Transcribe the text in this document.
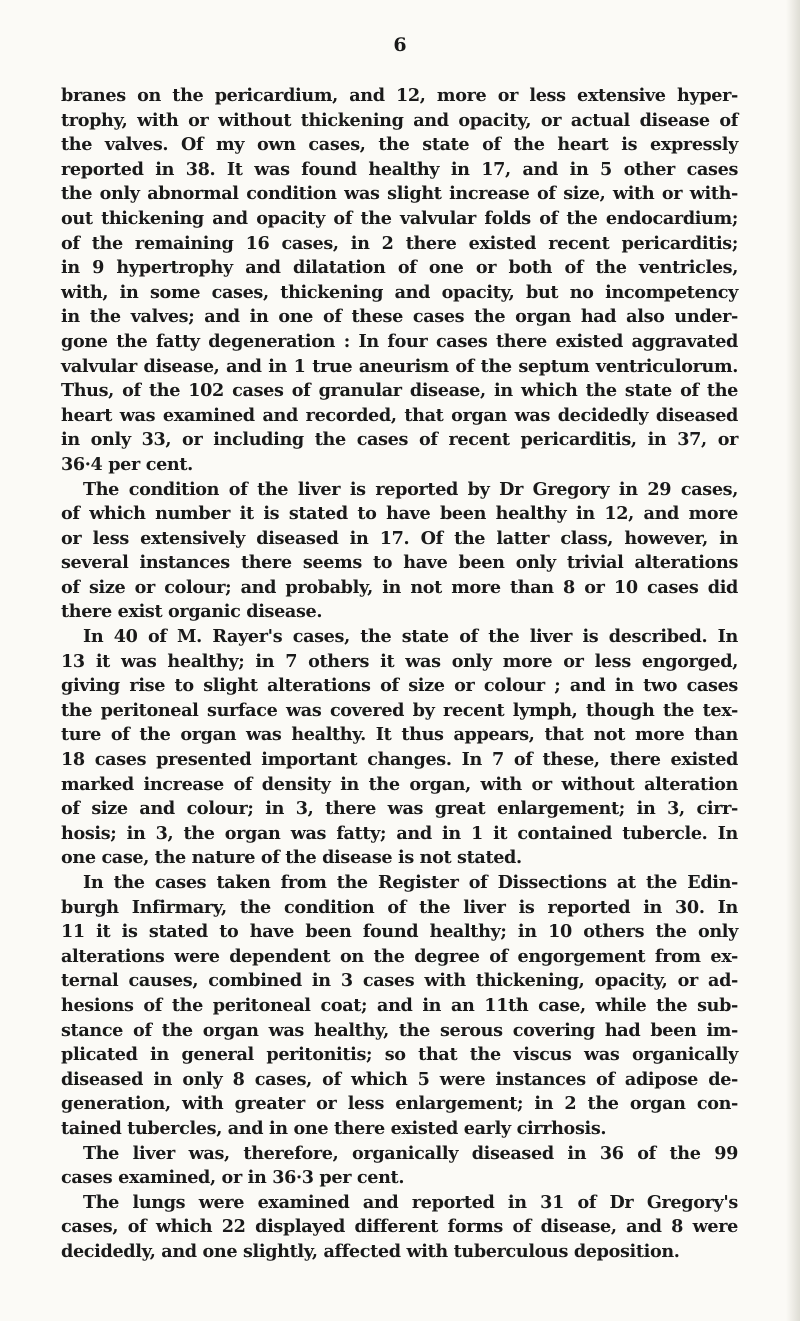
6
branes on the pericardium, and 12, more or less extensive hyper-
trophy, with or without thickening and opacity, or actual disease of
the valves. Of my own cases, the state of the heart is expressly
reported in 38. It was found healthy in 17, and in 5 other cases
the only abnormal condition was slight increase of size, with or with-
out thickening and opacity of the valvular folds of the endocardium;
of the remaining 16 cases, in 2 there existed recent pericarditis;
in 9 hypertrophy and dilatation of one or both of the ventricles,
with, in some cases, thickening and opacity, but no incompetency
in the valves; and in one of these cases the organ had also under-
gone the fatty degeneration : In four cases there existed aggravated
valvular disease, and in 1 true aneurism of the septum ventriculorum.
Thus, of the 102 cases of granular disease, in which the state of the
heart was examined and recorded, that organ was decidedly diseased
in only 33, or including the cases of recent pericarditis, in 37, or
36·4 per cent.
The condition of the liver is reported by Dr Gregory in 29 cases,
of which number it is stated to have been healthy in 12, and more
or less extensively diseased in 17. Of the latter class, however, in
several instances there seems to have been only trivial alterations
of size or colour; and probably, in not more than 8 or 10 cases did
there exist organic disease.
In 40 of M. Rayer's cases, the state of the liver is described. In
13 it was healthy; in 7 others it was only more or less engorged,
giving rise to slight alterations of size or colour ; and in two cases
the peritoneal surface was covered by recent lymph, though the tex-
ture of the organ was healthy. It thus appears, that not more than
18 cases presented important changes. In 7 of these, there existed
marked increase of density in the organ, with or without alteration
of size and colour; in 3, there was great enlargement; in 3, cirr-
hosis; in 3, the organ was fatty; and in 1 it contained tubercle. In
one case, the nature of the disease is not stated.
In the cases taken from the Register of Dissections at the Edin-
burgh Infirmary, the condition of the liver is reported in 30. In
11 it is stated to have been found healthy; in 10 others the only
alterations were dependent on the degree of engorgement from ex-
ternal causes, combined in 3 cases with thickening, opacity, or ad-
hesions of the peritoneal coat; and in an 11th case, while the sub-
stance of the organ was healthy, the serous covering had been im-
plicated in general peritonitis; so that the viscus was organically
diseased in only 8 cases, of which 5 were instances of adipose de-
generation, with greater or less enlargement; in 2 the organ con-
tained tubercles, and in one there existed early cirrhosis.
The liver was, therefore, organically diseased in 36 of the 99
cases examined, or in 36·3 per cent.
The lungs were examined and reported in 31 of Dr Gregory's
cases, of which 22 displayed different forms of disease, and 8 were
decidedly, and one slightly, affected with tuberculous deposition.
